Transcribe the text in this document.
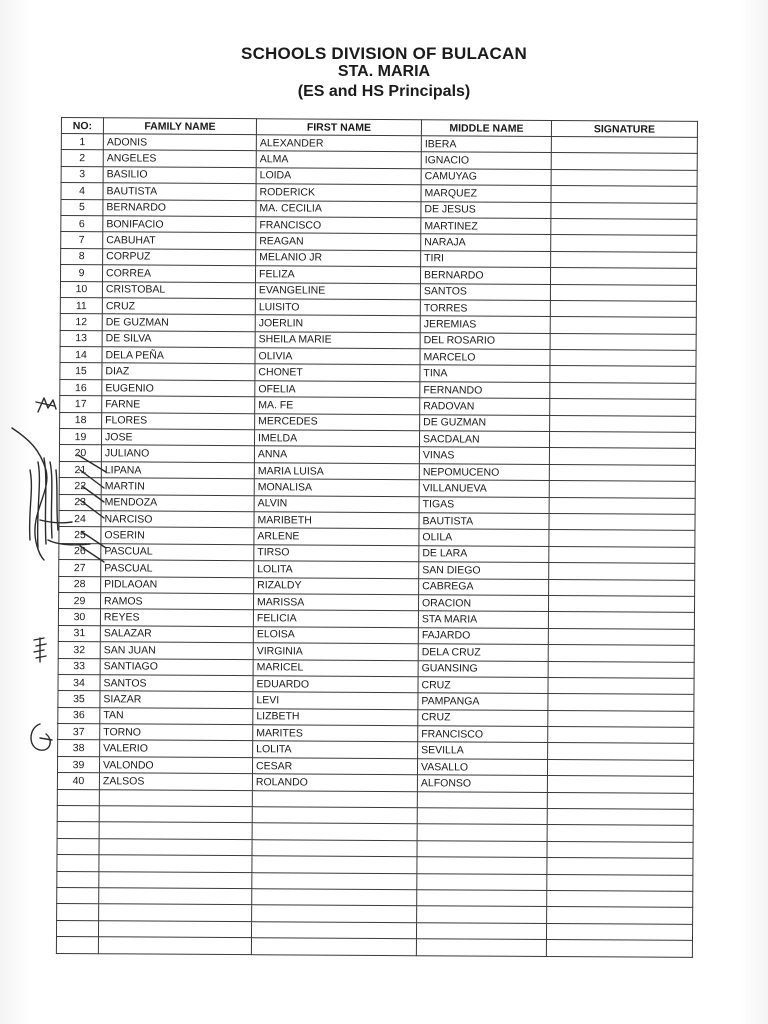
SCHOOLS DIVISION OF BULACAN
STA. MARIA
(ES and HS Principals)
NO:	FAMILY NAME	FIRST NAME	MIDDLE NAME	SIGNATURE
1	ADONIS	ALEXANDER	IBERA	
2	ANGELES	ALMA	IGNACIO	
3	BASILIO	LOIDA	CAMUYAG	
4	BAUTISTA	RODERICK	MARQUEZ	
5	BERNARDO	MA. CECILIA	DE JESUS	
6	BONIFACIO	FRANCISCO	MARTINEZ	
7	CABUHAT	REAGAN	NARAJA	
8	CORPUZ	MELANIO JR	TIRI	
9	CORREA	FELIZA	BERNARDO	
10	CRISTOBAL	EVANGELINE	SANTOS	
11	CRUZ	LUISITO	TORRES	
12	DE GUZMAN	JOERLIN	JEREMIAS	
13	DE SILVA	SHEILA MARIE	DEL ROSARIO	
14	DELA PEÑA	OLIVIA	MARCELO	
15	DIAZ	CHONET	TINA	
16	EUGENIO	OFELIA	FERNANDO	
17	FARNE	MA. FE	RADOVAN	
18	FLORES	MERCEDES	DE GUZMAN	
19	JOSE	IMELDA	SACDALAN	
20	JULIANO	ANNA	VINAS	
21	LIPANA	MARIA LUISA	NEPOMUCENO	
22	MARTIN	MONALISA	VILLANUEVA	
23	MENDOZA	ALVIN	TIGAS	
24	NARCISO	MARIBETH	BAUTISTA	
25	OSERIN	ARLENE	OLILA	
26	PASCUAL	TIRSO	DE LARA	
27	PASCUAL	LOLITA	SAN DIEGO	
28	PIDLAOAN	RIZALDY	CABREGA	
29	RAMOS	MARISSA	ORACION	
30	REYES	FELICIA	STA MARIA	
31	SALAZAR	ELOISA	FAJARDO	
32	SAN JUAN	VIRGINIA	DELA CRUZ	
33	SANTIAGO	MARICEL	GUANSING	
34	SANTOS	EDUARDO	CRUZ	
35	SIAZAR	LEVI	PAMPANGA	
36	TAN	LIZBETH	CRUZ	
37	TORNO	MARITES	FRANCISCO	
38	VALERIO	LOLITA	SEVILLA	
39	VALONDO	CESAR	VASALLO	
40	ZALSOS	ROLANDO	ALFONSO	
